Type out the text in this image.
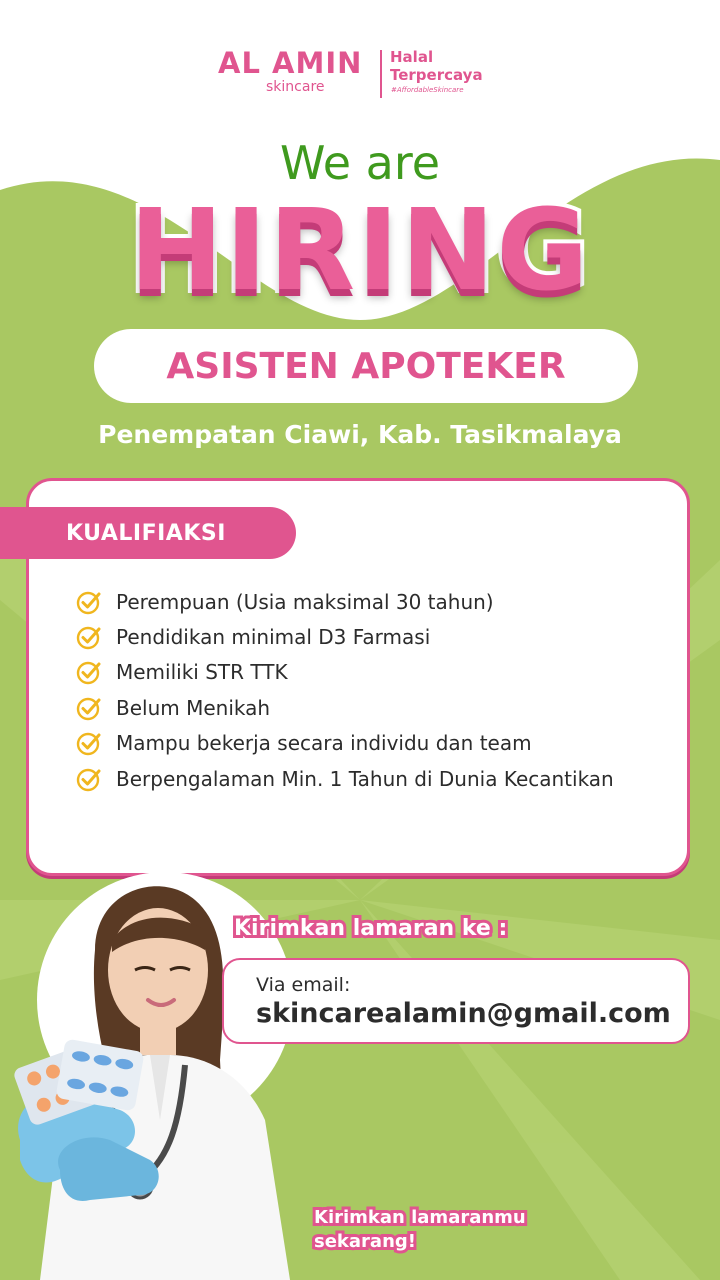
AL AMIN
skincare
Halal
Terpercaya
#AffordableSkincare
We are
HIRING
ASISTEN APOTEKER
Penempatan Ciawi, Kab. Tasikmalaya
KUALIFIAKSI
Perempuan (Usia maksimal 30 tahun)
Pendidikan minimal D3 Farmasi
Memiliki STR TTK
Belum Menikah
Mampu bekerja secara individu dan team
Berpengalaman Min. 1 Tahun di Dunia Kecantikan
Kirimkan lamaran ke :
Via email:
skincarealamin@gmail.com
Kirimkan lamaranmu
sekarang!
